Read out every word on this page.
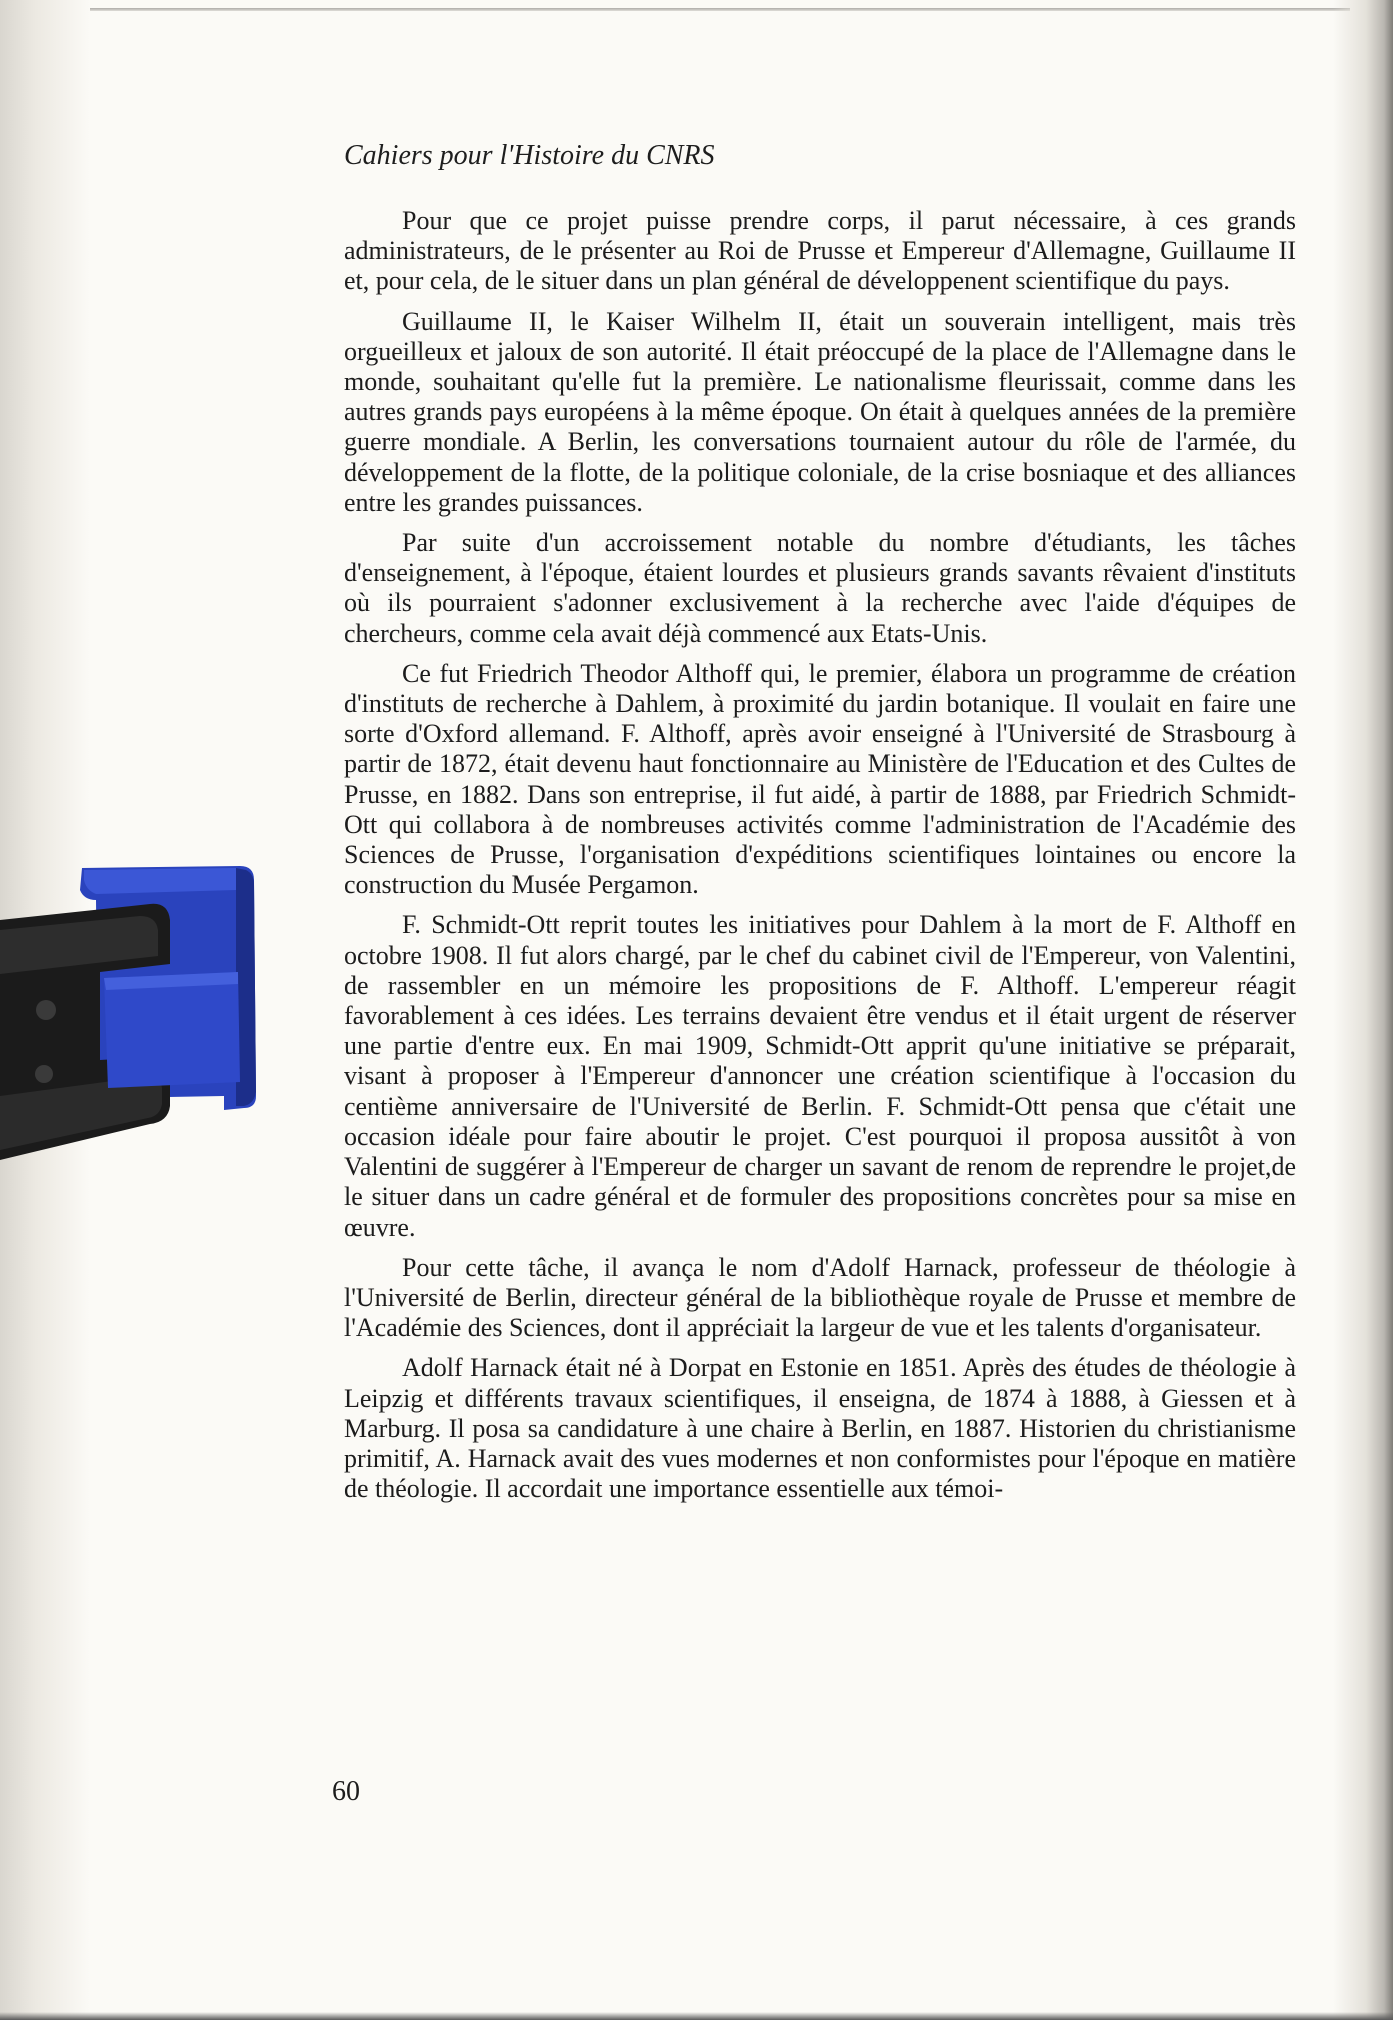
Cahiers pour l'Histoire du CNRS

Pour que ce projet puisse prendre corps, il parut nécessaire, à ces grands administrateurs, de le présenter au Roi de Prusse et Empereur d'Allemagne, Guillaume II et, pour cela, de le situer dans un plan général de développenent scientifique du pays.

Guillaume II, le Kaiser Wilhelm II, était un souverain intelligent, mais très orgueilleux et jaloux de son autorité. Il était préoccupé de la place de l'Allemagne dans le monde, souhaitant qu'elle fut la première. Le nationalisme fleurissait, comme dans les autres grands pays européens à la même époque. On était à quelques années de la première guerre mondiale. A Berlin, les conversations tournaient autour du rôle de l'armée, du développement de la flotte, de la politique coloniale, de la crise bosniaque et des alliances entre les grandes puissances.

Par suite d'un accroissement notable du nombre d'étudiants, les tâches d'enseignement, à l'époque, étaient lourdes et plusieurs grands savants rêvaient d'instituts où ils pourraient s'adonner exclusivement à la recherche avec l'aide d'équipes de chercheurs, comme cela avait déjà commencé aux Etats-Unis.

Ce fut Friedrich Theodor Althoff qui, le premier, élabora un programme de création d'instituts de recherche à Dahlem, à proximité du jardin botanique. Il voulait en faire une sorte d'Oxford allemand. F. Althoff, après avoir enseigné à l'Université de Strasbourg à partir de 1872, était devenu haut fonctionnaire au Ministère de l'Education et des Cultes de Prusse, en 1882. Dans son entreprise, il fut aidé, à partir de 1888, par Friedrich Schmidt-Ott qui collabora à de nombreuses activités comme l'administration de l'Académie des Sciences de Prusse, l'organisation d'expéditions scientifiques lointaines ou encore la construction du Musée Pergamon.

F. Schmidt-Ott reprit toutes les initiatives pour Dahlem à la mort de F. Althoff en octobre 1908. Il fut alors chargé, par le chef du cabinet civil de l'Empereur, von Valentini, de rassembler en un mémoire les propositions de F. Althoff. L'empereur réagit favorablement à ces idées. Les terrains devaient être vendus et il était urgent de réserver une partie d'entre eux. En mai 1909, Schmidt-Ott apprit qu'une initiative se préparait, visant à proposer à l'Empereur d'annoncer une création scientifique à l'occasion du centième anniversaire de l'Université de Berlin. F. Schmidt-Ott pensa que c'était une occasion idéale pour faire aboutir le projet. C'est pourquoi il proposa aussitôt à von Valentini de suggérer à l'Empereur de charger un savant de renom de reprendre le projet,de le situer dans un cadre général et de formuler des propositions concrètes pour sa mise en œuvre.

Pour cette tâche, il avança le nom d'Adolf Harnack, professeur de théologie à l'Université de Berlin, directeur général de la bibliothèque royale de Prusse et membre de l'Académie des Sciences, dont il appréciait la largeur de vue et les talents d'organisateur.

Adolf Harnack était né à Dorpat en Estonie en 1851. Après des études de théologie à Leipzig et différents travaux scientifiques, il enseigna, de 1874 à 1888, à Giessen et à Marburg. Il posa sa candidature à une chaire à Berlin, en 1887. Historien du christianisme primitif, A. Harnack avait des vues modernes et non conformistes pour l'époque en matière de théologie. Il accordait une importance essentielle aux témoi-

60
